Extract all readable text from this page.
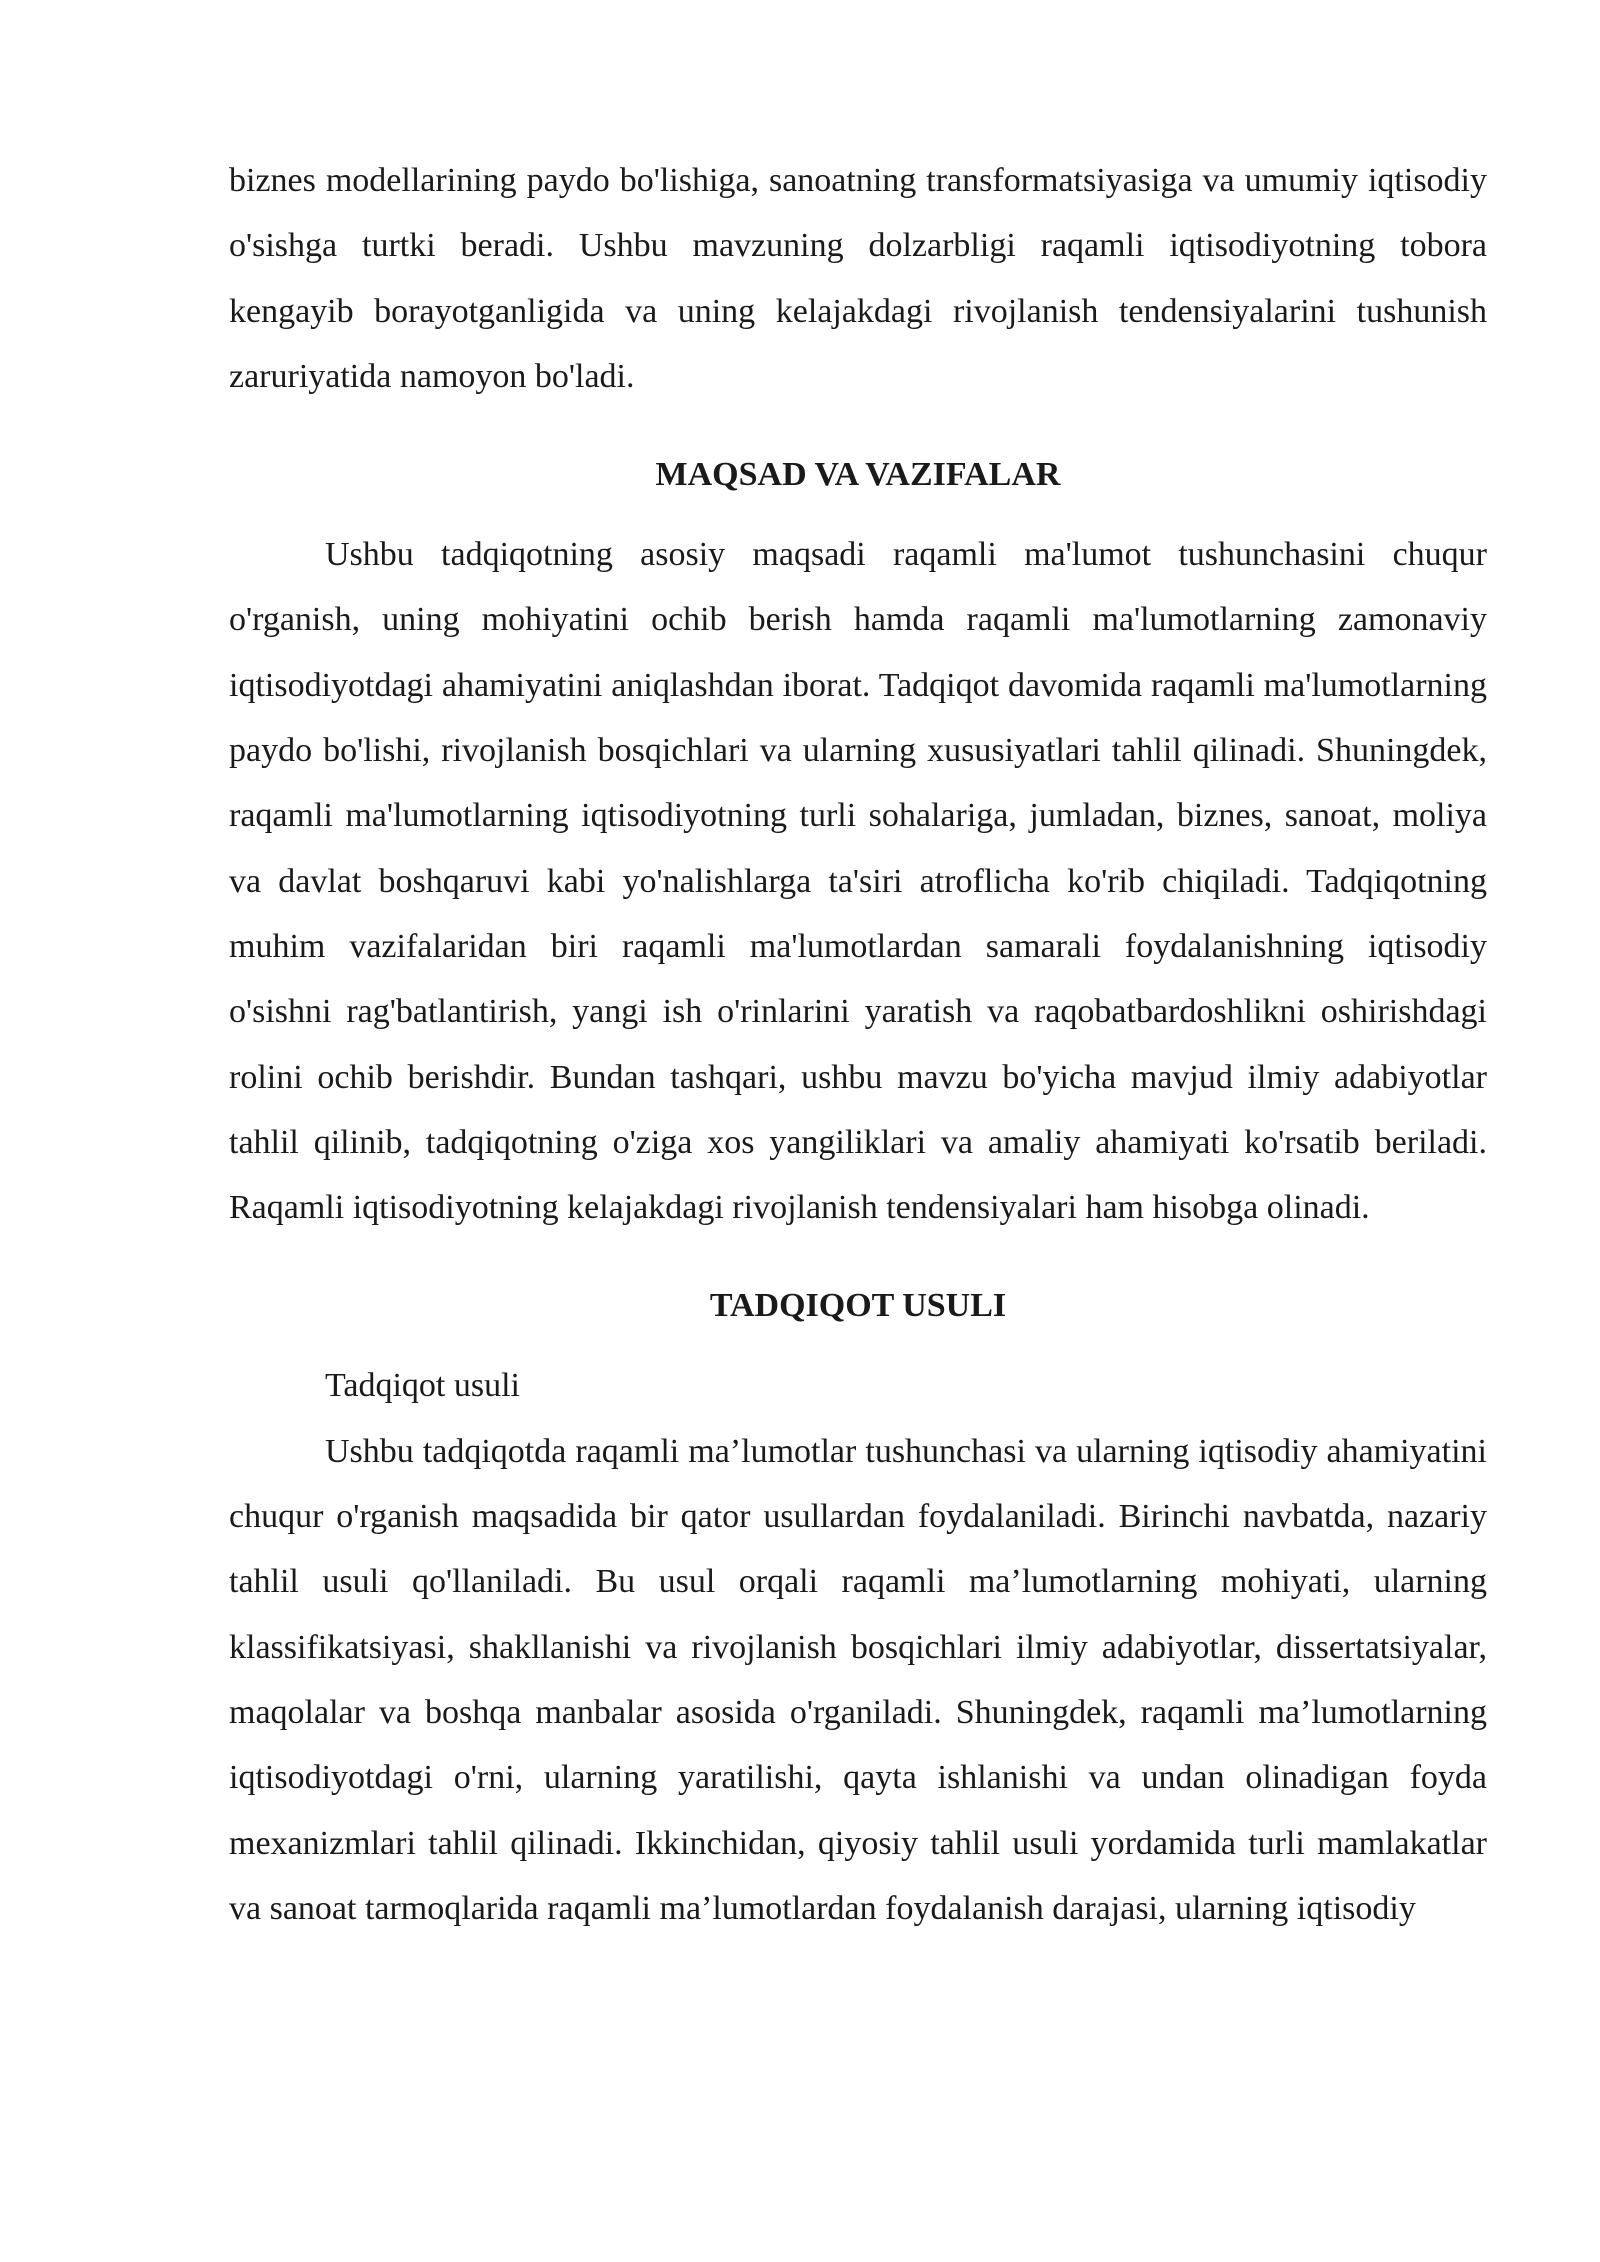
biznes modellarining paydo bo'lishiga, sanoatning transformatsiyasiga va umumiy iqtisodiy o'sishga turtki beradi. Ushbu mavzuning dolzarbligi raqamli iqtisodiyotning tobora kengayib borayotganligida va uning kelajakdagi rivojlanish tendensiyalarini tushunish zaruriyatida namoyon bo'ladi.

MAQSAD VA VAZIFALAR

Ushbu tadqiqotning asosiy maqsadi raqamli ma'lumot tushunchasini chuqur o'rganish, uning mohiyatini ochib berish hamda raqamli ma'lumotlarning zamonaviy iqtisodiyotdagi ahamiyatini aniqlashdan iborat. Tadqiqot davomida raqamli ma'lumotlarning paydo bo'lishi, rivojlanish bosqichlari va ularning xususiyatlari tahlil qilinadi. Shuningdek, raqamli ma'lumotlarning iqtisodiyotning turli sohalariga, jumladan, biznes, sanoat, moliya va davlat boshqaruvi kabi yo'nalishlarga ta'siri atroflicha ko'rib chiqiladi. Tadqiqotning muhim vazifalaridan biri raqamli ma'lumotlardan samarali foydalanishning iqtisodiy o'sishni rag'batlantirish, yangi ish o'rinlarini yaratish va raqobatbardoshlikni oshirishdagi rolini ochib berishdir. Bundan tashqari, ushbu mavzu bo'yicha mavjud ilmiy adabiyotlar tahlil qilinib, tadqiqotning o'ziga xos yangiliklari va amaliy ahamiyati ko'rsatib beriladi. Raqamli iqtisodiyotning kelajakdagi rivojlanish tendensiyalari ham hisobga olinadi.

TADQIQOT USULI

Tadqiqot usuli

Ushbu tadqiqotda raqamli ma’lumotlar tushunchasi va ularning iqtisodiy ahamiyatini chuqur o'rganish maqsadida bir qator usullardan foydalaniladi. Birinchi navbatda, nazariy tahlil usuli qo'llaniladi. Bu usul orqali raqamli ma’lumotlarning mohiyati, ularning klassifikatsiyasi, shakllanishi va rivojlanish bosqichlari ilmiy adabiyotlar, dissertatsiyalar, maqolalar va boshqa manbalar asosida o'rganiladi. Shuningdek, raqamli ma’lumotlarning iqtisodiyotdagi o'rni, ularning yaratilishi, qayta ishlanishi va undan olinadigan foyda mexanizmlari tahlil qilinadi. Ikkinchidan, qiyosiy tahlil usuli yordamida turli mamlakatlar va sanoat tarmoqlarida raqamli ma’lumotlardan foydalanish darajasi, ularning iqtisodiy
